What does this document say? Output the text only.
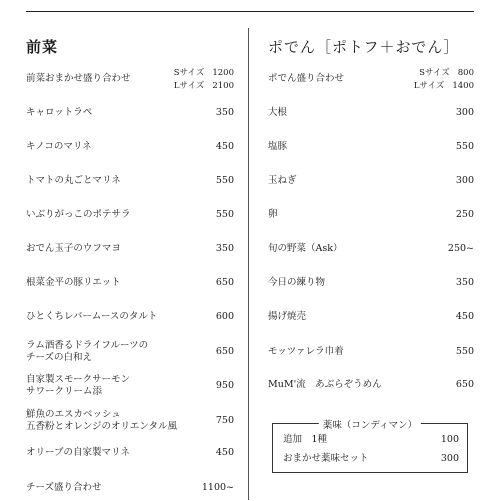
前菜
前菜おまかせ盛り合わせ	Sサイズ 1200
Lサイズ 2100
キャロットラペ	350
キノコのマリネ	450
トマトの丸ごとマリネ	550
いぶりがっこのポテサラ	550
おでん玉子のウフマヨ	350
根菜金平の豚リエット	650
ひとくちレバームースのタルト	600
ラム酒香るドライフルーツの
チーズの白和え
650
自家製スモークサーモン
サワークリーム添
950
鮮魚のエスカベッシュ
五香粉とオレンジのオリエンタル風
750
オリーブの自家製マリネ	450
チーズ盛り合わせ	1100~
ポでん［ポトフ＋おでん］
ポでん盛り合わせ	Sサイズ 800
Lサイズ 1400
大根	300
塩豚	550
玉ねぎ	300
卵	250
旬の野菜（Ask）	250~
今日の練り物	350
揚げ焼売	450
モッツァレラ巾着	550
MuM'流　あぶらぞうめん	650
薬味（コンディマン）
追加　1種	100
おまかせ薬味セット	300
